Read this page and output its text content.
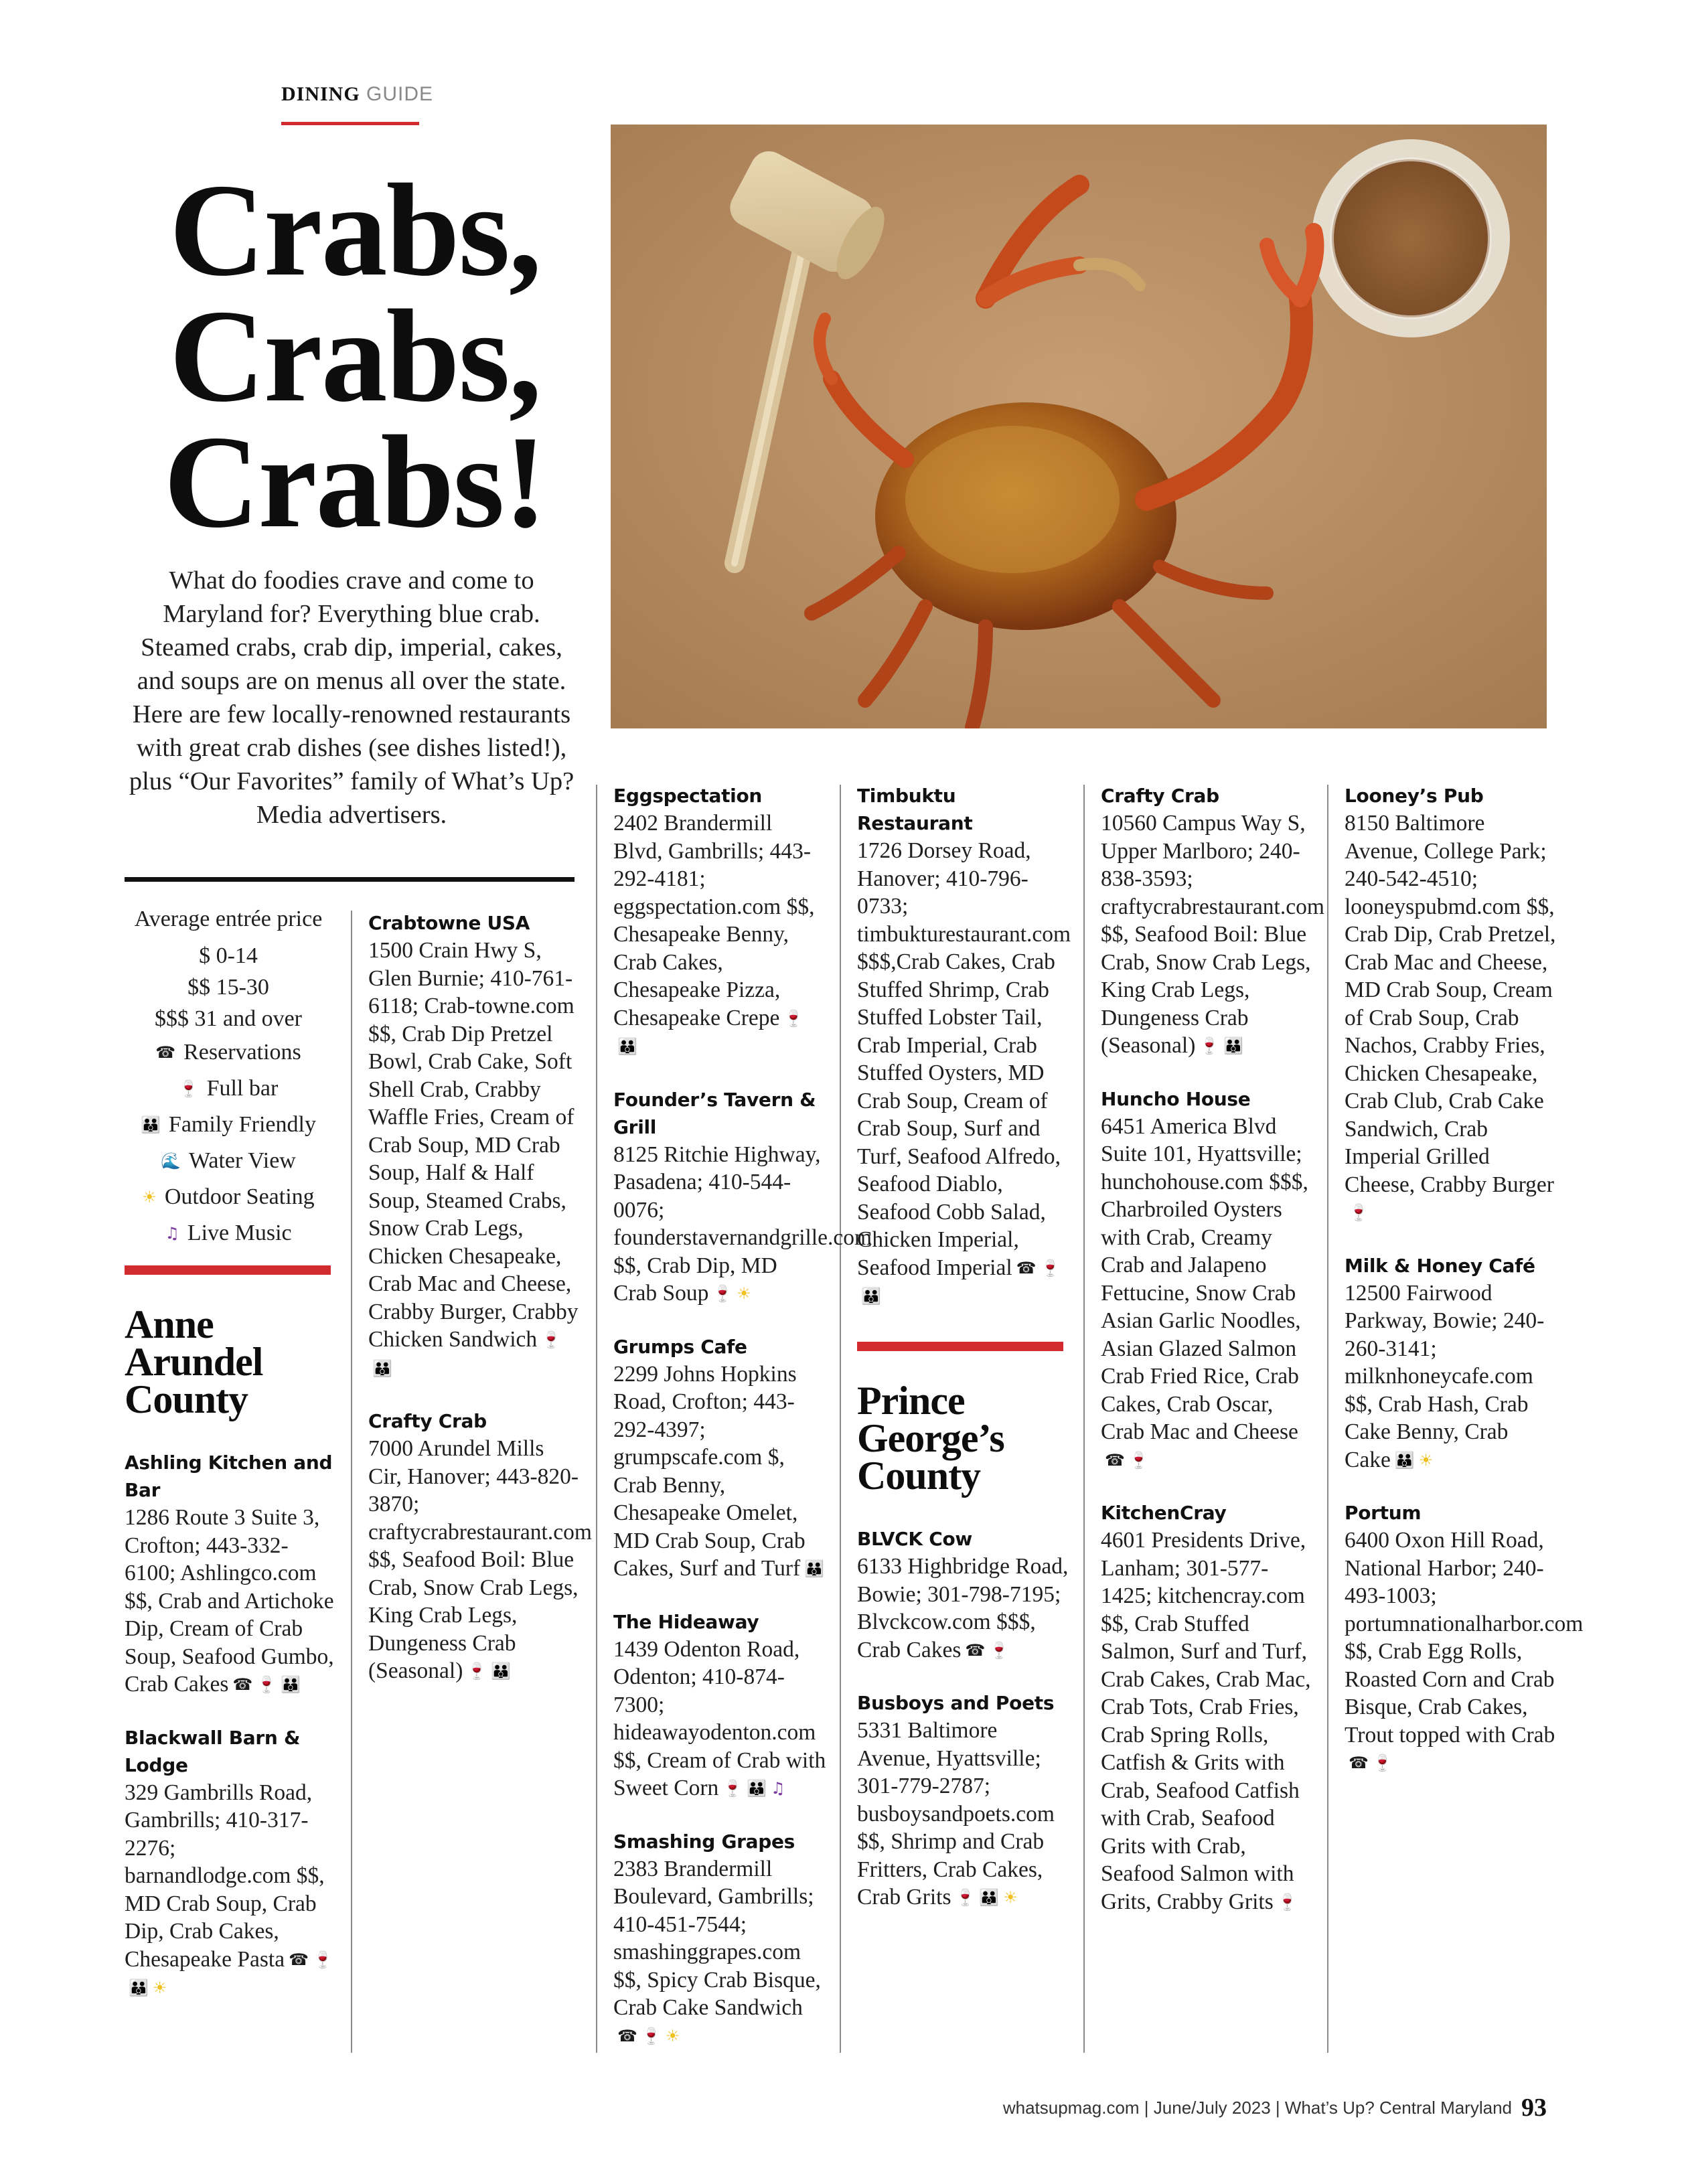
DINING GUIDE
Crabs,
Crabs,
Crabs!

What do foodies crave and come to Maryland for? Everything blue crab. Steamed crabs, crab dip, imperial, cakes, and soups are on menus all over the state. Here are few locally-renowned restaurants with great crab dishes (see dishes listed!), plus “Our Favorites” family of What’s Up? Media advertisers.

Average entrée price
$ 0-14
$$ 15-30
$$$ 31 and over
☎ Reservations
🍷 Full bar
👪 Family Friendly
🌊 Water View
☀ Outdoor Seating
♫ Live Music
Anne Arundel County	Prince George’s County
Ashling Kitchen and Bar
1286 Route 3 Suite 3, Crofton; 443-332-6100; Ashlingco.com $$, Crab and Artichoke Dip, Cream of Crab Soup, Seafood Gumbo, Crab Cakes ☎ 🍷 👪
Blackwall Barn & Lodge
329 Gambrills Road, Gambrills; 410-317-2276; barnandlodge.com $$, MD Crab Soup, Crab Dip, Crab Cakes, Chesapeake Pasta ☎ 🍷👪 ☀
Crabtowne USA
1500 Crain Hwy S, Glen Burnie; 410-761-6118; Crab-towne.com $$, Crab Dip Pretzel Bowl, Crab Cake, Soft Shell Crab, Crabby Waffle Fries, Cream of Crab Soup, MD Crab Soup, Half & Half Soup, Steamed Crabs, Snow Crab Legs, Chicken Chesapeake, Crab Mac and Cheese, Crabby Burger, Crabby Chicken Sandwich 🍷👪
Crafty Crab
7000 Arundel Mills Cir, Hanover; 443-820-3870; craftycrabrestaurant.com $$, Seafood Boil: Blue Crab, Snow Crab Legs, King Crab Legs, Dungeness Crab (Seasonal) 🍷 👪
Eggspectation
2402 Brandermill Blvd, Gambrills; 443-292-4181; eggspectation.com $$, Chesapeake Benny, Crab Cakes, Chesapeake Pizza, Chesapeake Crepe 🍷👪
Founder’s Tavern & Grill
8125 Ritchie Highway, Pasadena; 410-544-0076; founderstavernandgrille.com $$, Crab Dip, MD Crab Soup 🍷 ☀
Grumps Cafe
2299 Johns Hopkins Road, Crofton; 443-292-4397; grumpscafe.com $, Crab Benny, Chesapeake Omelet, MD Crab Soup, Crab Cakes, Surf and Turf 👪
The Hideaway
1439 Odenton Road, Odenton; 410-874-7300; hideawayodenton.com $$, Cream of Crab with Sweet Corn 🍷 👪 ♫
Smashing Grapes
2383 Brandermill Boulevard, Gambrills; 410-451-7544; smashinggrapes.com $$, Spicy Crab Bisque, Crab Cake Sandwich☎ 🍷 ☀
Timbuktu Restaurant
1726 Dorsey Road, Hanover; 410-796-0733; timbukturestaurant.com $$$,Crab Cakes, Crab Stuffed Shrimp, Crab Stuffed Lobster Tail, Crab Imperial, Crab Stuffed Oysters, MD Crab Soup, Cream of Crab Soup, Surf and Turf, Seafood Alfredo, Seafood Diablo, Seafood Cobb Salad, Chicken Imperial, Seafood Imperial ☎ 🍷👪
BLVCK Cow
6133 Highbridge Road, Bowie; 301-798-7195; Blvckcow.com $$$, Crab Cakes ☎ 🍷
Busboys and Poets
5331 Baltimore Avenue, Hyattsville; 301-779-2787; busboysandpoets.com $$, Shrimp and Crab Fritters, Crab Cakes, Crab Grits 🍷 👪 ☀
Crafty Crab
10560 Campus Way S, Upper Marlboro; 240-838-3593; craftycrabrestaurant.com $$, Seafood Boil: Blue Crab, Snow Crab Legs, King Crab Legs, Dungeness Crab (Seasonal) 🍷 👪
Huncho House
6451 America Blvd Suite 101, Hyattsville; hunchohouse.com $$$, Charbroiled Oysters with Crab, Creamy Crab and Jalapeno Fettucine, Snow Crab Asian Garlic Noodles, Asian Glazed Salmon Crab Fried Rice, Crab Cakes, Crab Oscar, Crab Mac and Cheese☎ 🍷
KitchenCray
4601 Presidents Drive, Lanham; 301-577-1425; kitchencray.com $$, Crab Stuffed Salmon, Surf and Turf, Crab Cakes, Crab Mac, Crab Tots, Crab Fries, Crab Spring Rolls, Catfish & Grits with Crab, Seafood Catfish with Crab, Seafood Grits with Crab, Seafood Salmon with Grits, Crabby Grits 🍷
Looney’s Pub
8150 Baltimore Avenue, College Park; 240-542-4510; looneyspubmd.com $$, Crab Dip, Crab Pretzel, Crab Mac and Cheese, MD Crab Soup, Cream of Crab Soup, Crab Nachos, Crabby Fries, Chicken Chesapeake, Crab Club, Crab Cake Sandwich, Crab Imperial Grilled Cheese, Crabby Burger🍷
Milk & Honey Café
12500 Fairwood Parkway, Bowie; 240-260-3141; milknhoneycafe.com $$, Crab Hash, Crab Cake Benny, Crab Cake 👪 ☀
Portum
6400 Oxon Hill Road, National Harbor; 240-493-1003; portumnationalharbor.com $$, Crab Egg Rolls, Roasted Corn and Crab Bisque, Crab Cakes, Trout topped with Crab☎ 🍷
whatsupmag.com | June/July 2023 | What’s Up? Central Maryland 93
